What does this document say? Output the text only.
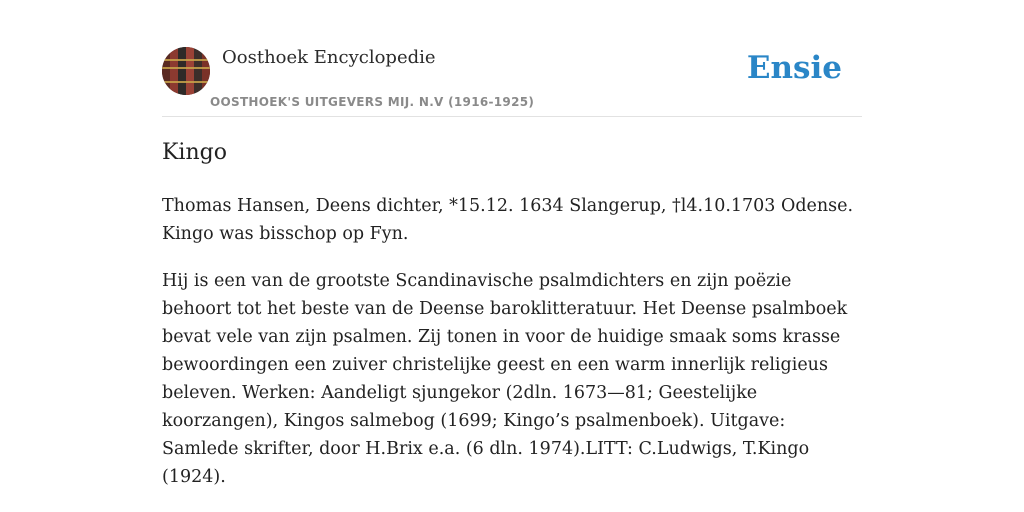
Oosthoek Encyclopedie
OOSTHOEK'S UITGEVERS MIJ. N.V (1916-1925)
Ensie
Kingo

Thomas Hansen, Deens dichter, *15.12. 1634 Slangerup, †l4.10.1703 Odense. Kingo was bisschop op Fyn.

Hij is een van de grootste Scandinavische psalmdichters en zijn poëzie behoort tot het beste van de Deense baroklitteratuur. Het Deense psalmboek bevat vele van zijn psalmen. Zij tonen in voor de huidige smaak soms krasse bewoordingen een zuiver christelijke geest en een warm innerlijk religieus beleven. Werken: Aandeligt sjungekor (2dln. 1673—81; Geestelijke koorzangen), Kingos salmebog (1699; Kingo’s psalmenboek). Uitgave: Samlede skrifter, door H.Brix e.a. (6 dln. 1974).LITT: C.Ludwigs, T.Kingo (1924).
